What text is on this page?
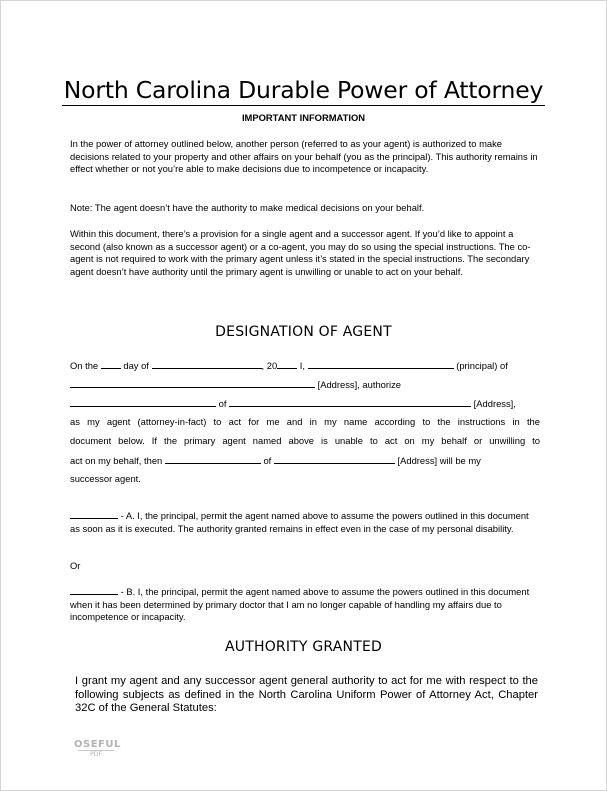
North Carolina Durable Power of Attorney
IMPORTANT INFORMATION

In the power of attorney outlined below, another person (referred to as your agent) is authorized to make decisions related to your property and other affairs on your behalf (you as the principal). This authority remains in effect whether or not you’re able to make decisions due to incompetence or incapacity.

Note: The agent doesn’t have the authority to make medical decisions on your behalf.

Within this document, there’s a provision for a single agent and a successor agent. If you’d like to appoint a second (also known as a successor agent) or a co-agent, you may do so using the special instructions. The co-agent is not required to work with the primary agent unless it’s stated in the special instructions. The secondary agent doesn’t have authority until the primary agent is unwilling or unable to act on your behalf.

DESIGNATION OF AGENT
On the	day of	, 20 I,	(principal) of
[Address], authorize
of	[Address],
as my agent (attorney-in-fact) to act for me and in my name according to the instructions in the
document below. If the primary agent named above is unable to act on my behalf or unwilling to
act on my behalf, then	of	[Address] will be my
successor agent.

- A. I, the principal, permit the agent named above to assume the powers outlined in this document as soon as it is executed. The authority granted remains in effect even in the case of my personal disability.

Or

- B. I, the principal, permit the agent named above to assume the powers outlined in this document when it has been determined by primary doctor that I am no longer capable of handling my affairs due to incompetence or incapacity.

AUTHORITY GRANTED

I grant my agent and any successor agent general authority to act for me with respect to the following subjects as defined in the North Carolina Uniform Power of Attorney Act, Chapter 32C of the General Statutes:

OSEFUL
PDF
